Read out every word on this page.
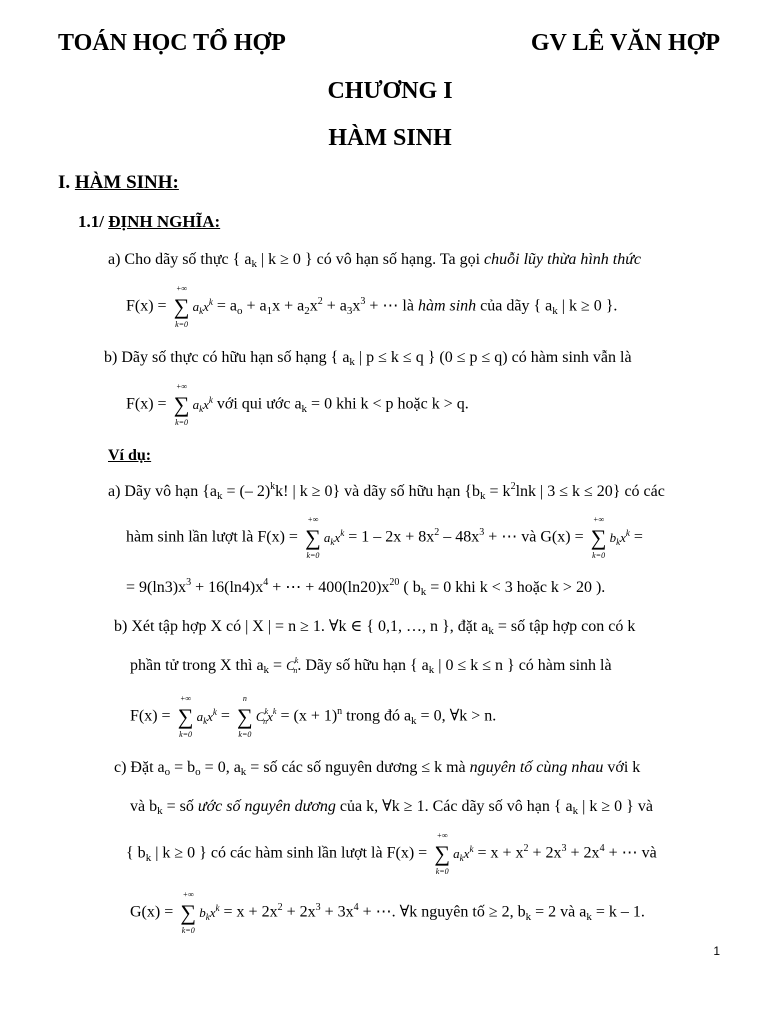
TOÁN HỌC TỔ HỢP	GV LÊ VĂN HỢP
CHƯƠNG I
HÀM SINH
I. HÀM SINH:
1.1/ ĐỊNH NGHĨA:
a) Cho dãy số thực { ak | k ≥ 0 } có vô hạn số hạng. Ta gọi chuỗi lũy thừa hình thức
F(x) =
+∞
∑
k=0
$a_kx^k$ = ao + $a1x + a2x^2 + a3x^3$ + ⋯ là hàm sinh của dãy { ak | k ≥ 0 }.
b) Dãy số thực có hữu hạn số hạng { ak | p ≤ k ≤ q } (0 ≤ p ≤ q) có hàm sinh vẫn là
F(x) =
+∞
∑
k=0
$a_kx^k$ với qui ước ak = 0 khi k < p hoặc k > q.
Ví dụ:
a) Dãy vô hạn {ak = (– 2)$^k$k! | k ≥ 0} và dãy số hữu hạn {$bk = k^2\ln k$ | 3 ≤ k ≤ 20} có các
hàm sinh lần lượt là F(x) =
+∞
∑
k=0
$a_kx^k = 1 - 2x + 8x^2 - 48x^3$ + ⋯ và G(x) =
+∞
∑
k=0
$b_kx^k$ =
= $9(\ln 3)x^3 + 16(\ln 4)x^4$ + ⋯ + $400(\ln 20)x^{20}$ ( bk = 0 khi k < 3 hoặc k > 20 ).
b) Xét tập hợp X có | X | = n ≥ 1. ∀k ∈ { 0,1, …, n }, đặt ak = số tập hợp con có k
phần tử trong X thì ak = $C^k_n$. Dãy số hữu hạn { ak | 0 ≤ k ≤ n } có hàm sinh là
F(x) =
+∞
∑
k=0
$a_kx^k$ =
n
∑
k=0
$C^k_nx^k = (x + 1)^n$ trong đó ak = 0, ∀k > n.
c) Đặt ao = bo = 0, ak = số các số nguyên dương ≤ k mà nguyên tố cùng nhau với k
và bk = số ước số nguyên dương của k, ∀k ≥ 1. Các dãy số vô hạn { ak | k ≥ 0 } và
{ bk | k ≥ 0 } có các hàm sinh lần lượt là F(x) =
+∞
∑
k=0
$a_kx^k = x + x^2 + 2x^3 + 2x^4$ + ⋯ và
G(x) =
+∞
∑
k=0
$b_kx^k = x + 2x^2 + 2x^3 + 3x^4$ + ⋯. ∀k nguyên tố ≥ 2, bk = 2 và ak = k – 1.
1
